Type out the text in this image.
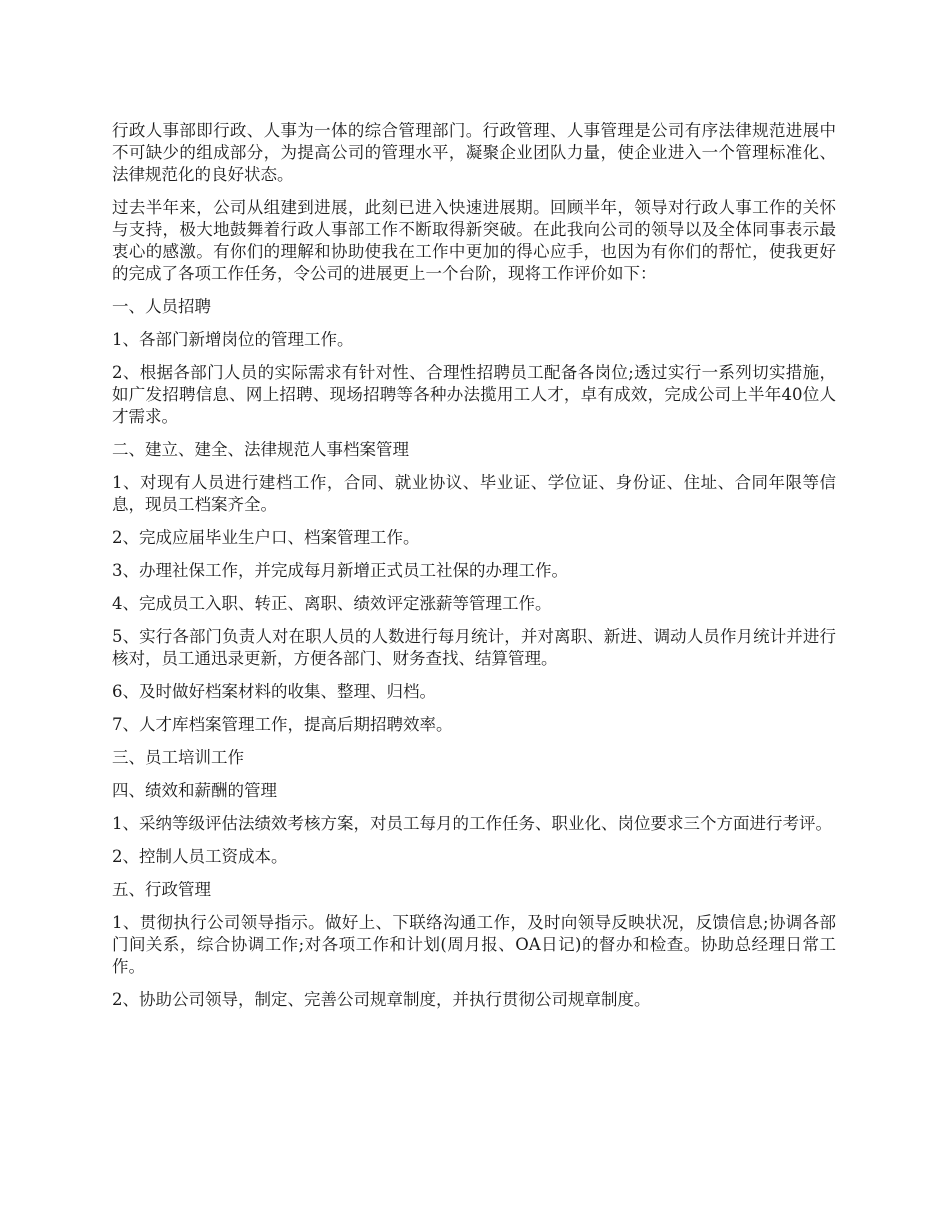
行政人事部即行政、人事为一体的综合管理部门。行政管理、人事管理是公司有序法律规范进展中不可缺少的组成部分，为提高公司的管理水平，凝聚企业团队力量，使企业进入一个管理标准化、法律规范化的良好状态。

过去半年来，公司从组建到进展，此刻已进入快速进展期。回顾半年，领导对行政人事工作的关怀与支持，极大地鼓舞着行政人事部工作不断取得新突破。在此我向公司的领导以及全体同事表示最衷心的感激。有你们的理解和协助使我在工作中更加的得心应手，也因为有你们的帮忙，使我更好的完成了各项工作任务，令公司的进展更上一个台阶，现将工作评价如下：

一、人员招聘

1、各部门新增岗位的管理工作。

2、根据各部门人员的实际需求有针对性、合理性招聘员工配备各岗位;透过实行一系列切实措施，如广发招聘信息、网上招聘、现场招聘等各种办法揽用工人才，卓有成效，完成公司上半年40位人才需求。

二、建立、建全、法律规范人事档案管理

1、对现有人员进行建档工作，合同、就业协议、毕业证、学位证、身份证、住址、合同年限等信息，现员工档案齐全。

2、完成应届毕业生户口、档案管理工作。

3、办理社保工作，并完成每月新增正式员工社保的办理工作。

4、完成员工入职、转正、离职、绩效评定涨薪等管理工作。

5、实行各部门负责人对在职人员的人数进行每月统计，并对离职、新进、调动人员作月统计并进行核对，员工通迅录更新，方便各部门、财务查找、结算管理。

6、及时做好档案材料的收集、整理、归档。

7、人才库档案管理工作，提高后期招聘效率。

三、员工培训工作

四、绩效和薪酬的管理

1、采纳等级评估法绩效考核方案，对员工每月的工作任务、职业化、岗位要求三个方面进行考评。

2、控制人员工资成本。

五、行政管理

1、贯彻执行公司领导指示。做好上、下联络沟通工作，及时向领导反映状况，反馈信息;协调各部门间关系，综合协调工作;对各项工作和计划(周月报、OA日记)的督办和检查。协助总经理日常工作。

2、协助公司领导，制定、完善公司规章制度，并执行贯彻公司规章制度。
